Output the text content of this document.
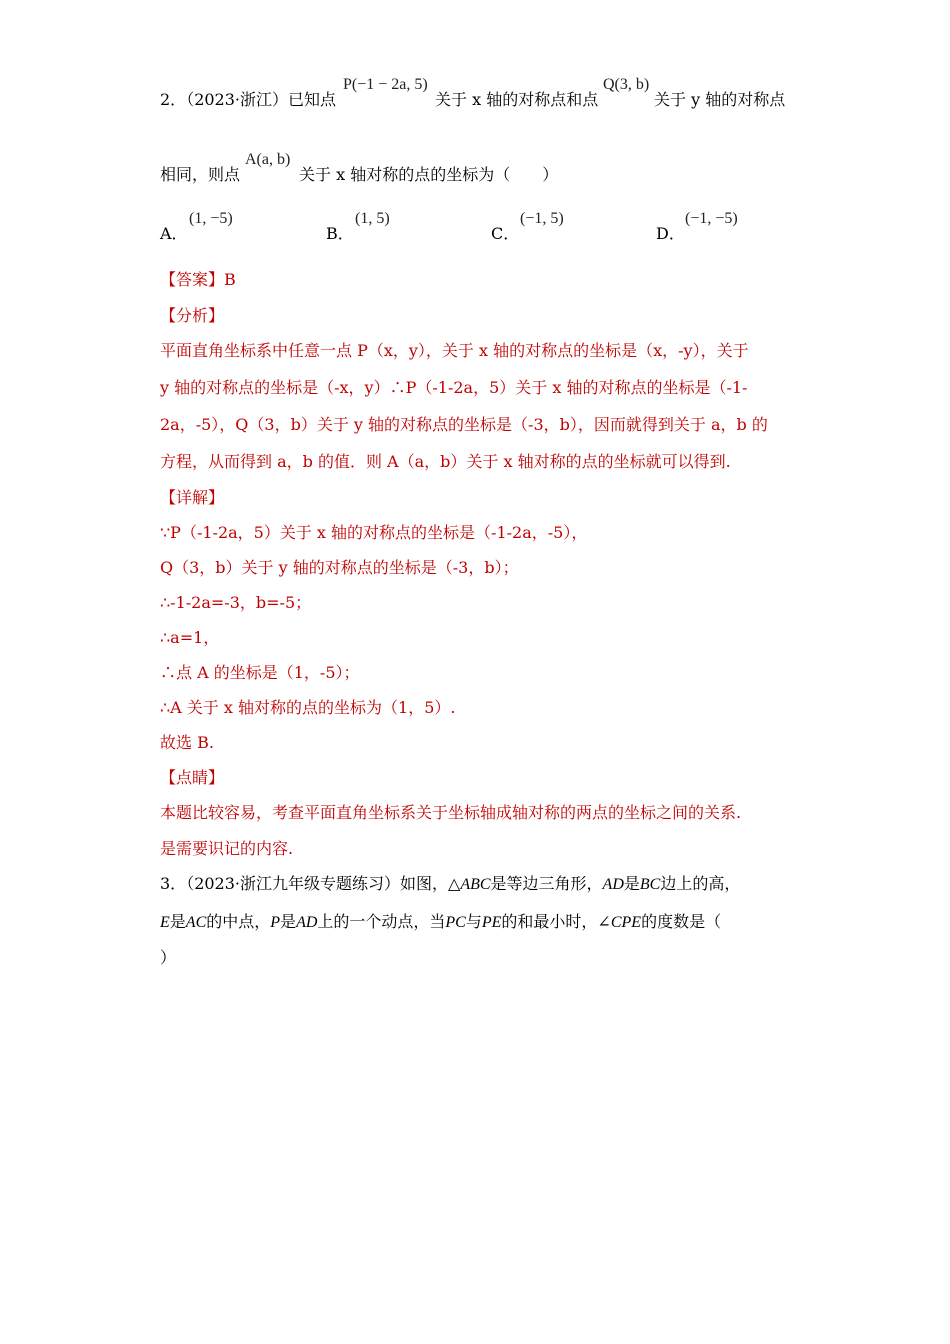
2．（2023·浙江）已知点
P(−1 − 2a, 5)
关于 x 轴的对称点和点
Q(3, b)
关于 y 轴的对称点
相同，则点
A(a, b)
关于 x 轴对称的点的坐标为（　　）
A．
(1, −5)
B．
(1, 5)
C．
(−1, 5)
D．
(−1, −5)
【答案】B
【分析】
平面直角坐标系中任意一点 P（x，y），关于 x 轴的对称点的坐标是（x，-y），关于
y 轴的对称点的坐标是（-x，y）∴P（-1-2a，5）关于 x 轴的对称点的坐标是（-1-
2a，-5），Q（3，b）关于 y 轴的对称点的坐标是（-3，b），因而就得到关于 a，b 的
方程，从而得到 a，b 的值．则 A（a，b）关于 x 轴对称的点的坐标就可以得到.
【详解】
∵P（-1-2a，5）关于 x 轴的对称点的坐标是（-1-2a，-5），
Q（3，b）关于 y 轴的对称点的坐标是（-3，b）；
∴-1-2a=-3，b=-5；
∴a=1，
∴点 A 的坐标是（1，-5）；
∴A 关于 x 轴对称的点的坐标为（1，5）.
故选 B.
【点睛】
本题比较容易，考查平面直角坐标系关于坐标轴成轴对称的两点的坐标之间的关系.
是需要识记的内容.
3．（2023·浙江九年级专题练习）如图，△ABC是等边三角形，AD是BC边上的高，
E是AC的中点，P是AD上的一个动点，当PC与PE的和最小时，∠CPE的度数是（
）
